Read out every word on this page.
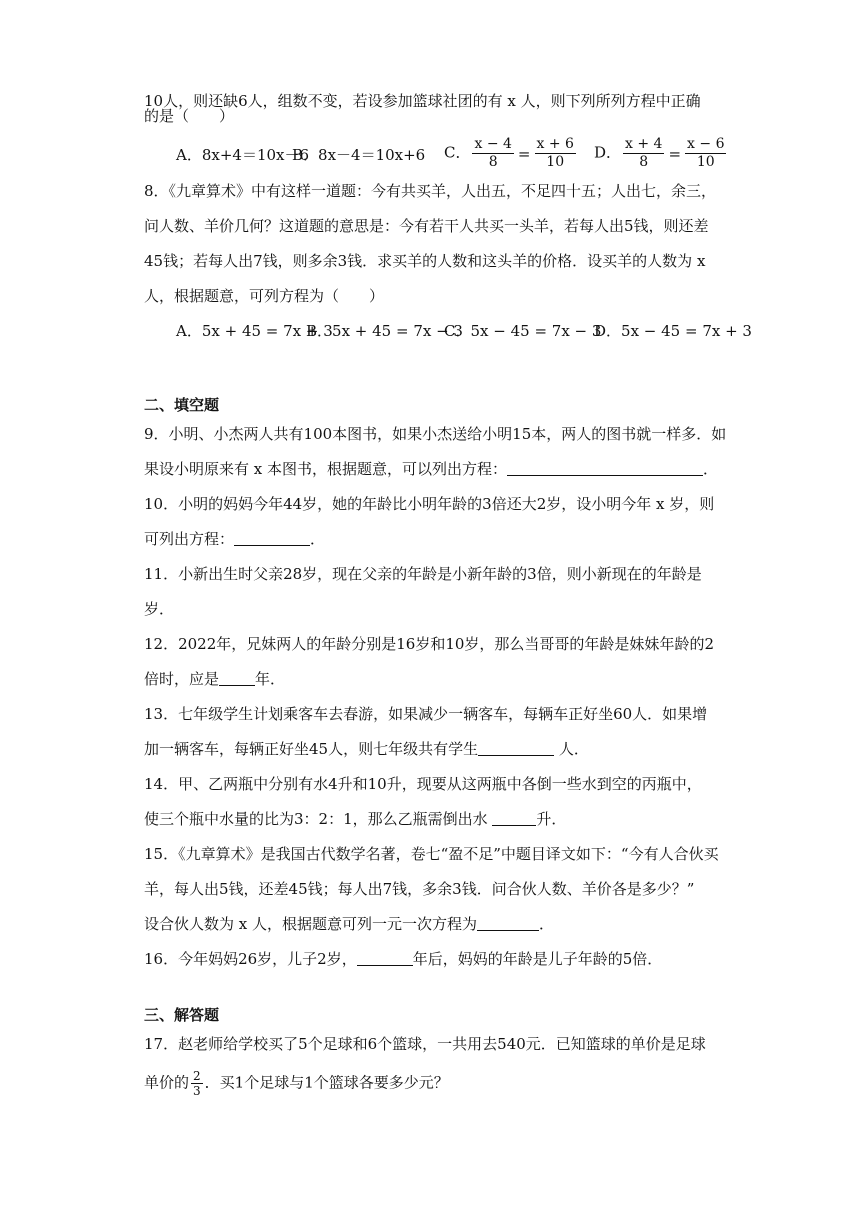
10人，则还缺6人，组数不变，若设参加篮球社团的有 x 人，则下列所列方程中正确
的是（　　）
A．8x+4＝10x－6
B．8x－4＝10x+6 C． $\frac{x - 4}{8} = \frac{x + 6}{10}$ D． $\frac{x + 4}{8} = \frac{x - 6}{10}$
8．《九章算术》中有这样一道题：今有共买羊，人出五，不足四十五；人出七，余三，
问人数、羊价几何？这道题的意思是：今有若干人共买一头羊，若每人出5钱，则还差
45钱；若每人出7钱，则多余3钱．求买羊的人数和这头羊的价格．设买羊的人数为 x
人，根据题意，可列方程为（　　）
A．5x + 45 = 7x + 3
B．5x + 45 = 7x − 3
C．5x − 45 = 7x − 3
D．5x − 45 = 7x + 3
二、填空题
9．小明、小杰两人共有100本图书，如果小杰送给小明15本，两人的图书就一样多．如
果设小明原来有 x 本图书，根据题意，可以列出方程：	．
10．小明的妈妈今年44岁，她的年龄比小明年龄的3倍还大2岁，设小明今年 x 岁，则
可列出方程：	．
11．小新出生时父亲28岁，现在父亲的年龄是小新年龄的3倍，则小新现在的年龄是
岁．
12．2022年，兄妹两人的年龄分别是16岁和10岁，那么当哥哥的年龄是妹妹年龄的2
倍时，应是 年．
13．七年级学生计划乘客车去春游，如果减少一辆客车，每辆车正好坐60人．如果增
加一辆客车，每辆正好坐45人，则七年级共有学生	人．
14．甲、乙两瓶中分别有水4升和10升，现要从这两瓶中各倒一些水到空的丙瓶中，
使三个瓶中水量的比为3：2：1，那么乙瓶需倒出水	升．
15．《九章算术》是我国古代数学名著，卷七“盈不足”中题目译文如下：“今有人合伙买
羊，每人出5钱，还差45钱；每人出7钱，多余3钱．问合伙人数、羊价各是多少？”
设合伙人数为 x 人，根据题意可列一元一次方程为	．
16．今年妈妈26岁，儿子2岁，	年后，妈妈的年龄是儿子年龄的5倍．
三、解答题
17．赵老师给学校买了5个足球和6个篮球，一共用去540元．已知篮球的单价是足球
单价的 $\frac{2}{3}$ ．买1个足球与1个篮球各要多少元？
